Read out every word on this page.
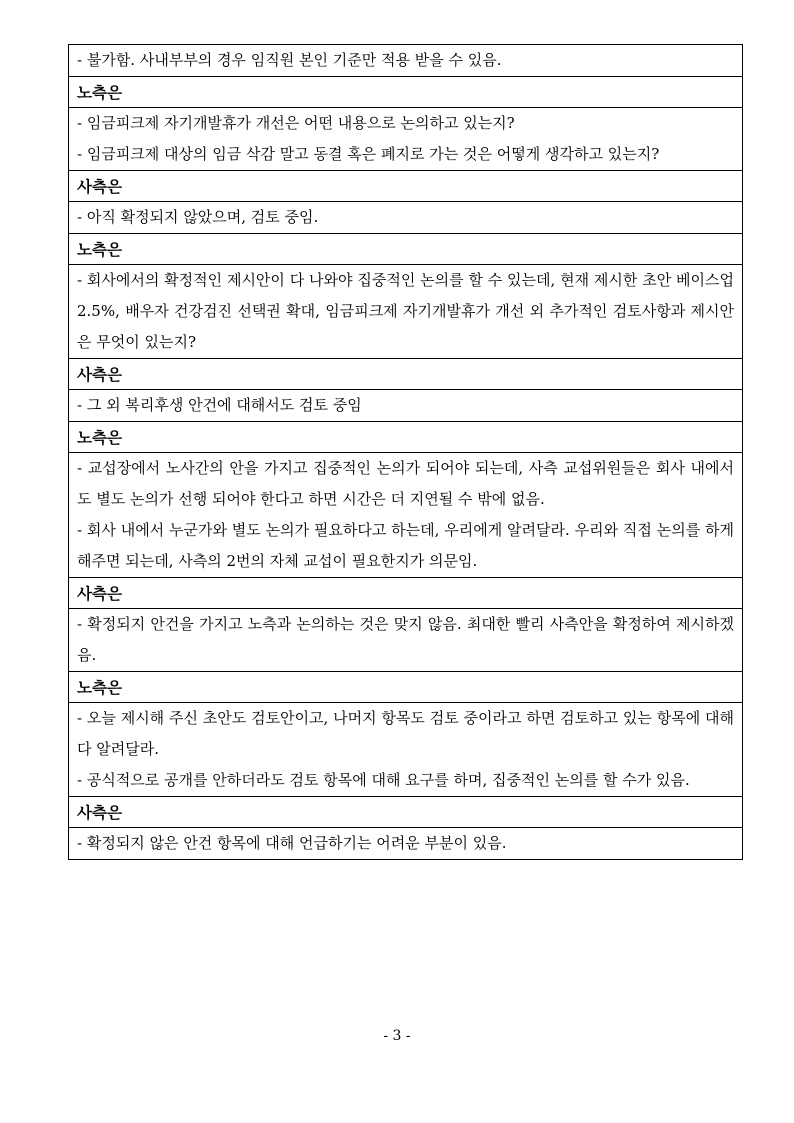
- 불가함. 사내부부의 경우 임직원 본인 기준만 적용 받을 수 있음.

노측은

- 임금피크제 자기개발휴가 개선은 어떤 내용으로 논의하고 있는지?
- 임금피크제 대상의 임금 삭감 말고 동결 혹은 폐지로 가는 것은 어떻게 생각하고 있는지?

사측은

- 아직 확정되지 않았으며, 검토 중임.

노측은

- 회사에서의 확정적인 제시안이 다 나와야 집중적인 논의를 할 수 있는데, 현재 제시한 초안 베이스업 2.5%, 배우자 건강검진 선택권 확대, 임금피크제 자기개발휴가 개선 외 추가적인 검토사항과 제시안은 무엇이 있는지?

사측은

- 그 외 복리후생 안건에 대해서도 검토 중임

노측은

- 교섭장에서 노사간의 안을 가지고 집중적인 논의가 되어야 되는데, 사측 교섭위원들은 회사 내에서도 별도 논의가 선행 되어야 한다고 하면 시간은 더 지연될 수 밖에 없음.
- 회사 내에서 누군가와 별도 논의가 필요하다고 하는데, 우리에게 알려달라. 우리와 직접 논의를 하게 해주면 되는데, 사측의 2번의 자체 교섭이 필요한지가 의문임.

사측은

- 확정되지 안건을 가지고 노측과 논의하는 것은 맞지 않음. 최대한 빨리 사측안을 확정하여 제시하겠음.

노측은

- 오늘 제시해 주신 초안도 검토안이고, 나머지 항목도 검토 중이라고 하면 검토하고 있는 항목에 대해 다 알려달라.
- 공식적으로 공개를 안하더라도 검토 항목에 대해 요구를 하며, 집중적인 논의를 할 수가 있음.

사측은

- 확정되지 않은 안건 항목에 대해 언급하기는 어려운 부분이 있음.
- 3 -
